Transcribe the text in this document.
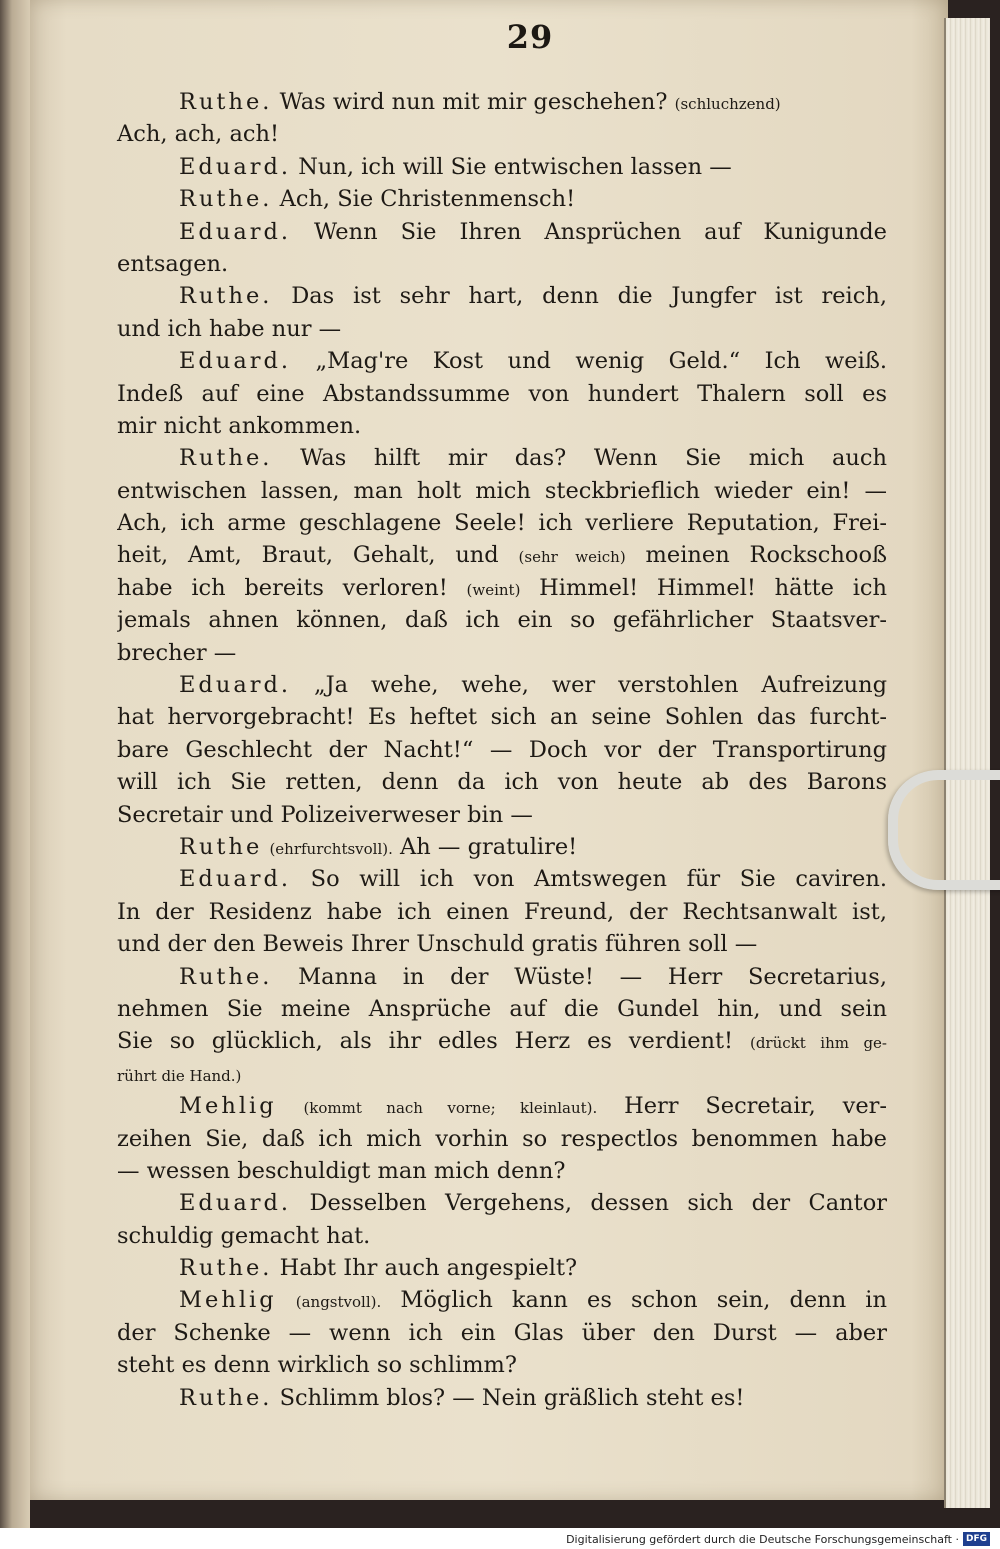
29
Ruthe. Was wird nun mit mir geschehen? (schluchzend)
Ach, ach, ach!
Eduard. Nun, ich will Sie entwischen lassen —
Ruthe. Ach, Sie Christenmensch!
Eduard. Wenn Sie Ihren Ansprüchen auf Kunigunde
entsagen.
Ruthe. Das ist sehr hart, denn die Jungfer ist reich,
und ich habe nur —
Eduard. „Mag're Kost und wenig Geld.“ Ich weiß.
Indeß auf eine Abstandssumme von hundert Thalern soll es
mir nicht ankommen.
Ruthe. Was hilft mir das? Wenn Sie mich auch
entwischen lassen, man holt mich steckbrieflich wieder ein! —
Ach, ich arme geschlagene Seele! ich verliere Reputation, Frei-
heit, Amt, Braut, Gehalt, und (sehr weich) meinen Rockschooß
habe ich bereits verloren! (weint) Himmel! Himmel! hätte ich
jemals ahnen können, daß ich ein so gefährlicher Staatsver-
brecher —
Eduard. „Ja wehe, wehe, wer verstohlen Aufreizung
hat hervorgebracht! Es heftet sich an seine Sohlen das furcht-
bare Geschlecht der Nacht!“ — Doch vor der Transportirung
will ich Sie retten, denn da ich von heute ab des Barons
Secretair und Polizeiverweser bin —
Ruthe (ehrfurchtsvoll). Ah — gratulire!
Eduard. So will ich von Amtswegen für Sie caviren.
In der Residenz habe ich einen Freund, der Rechtsanwalt ist,
und der den Beweis Ihrer Unschuld gratis führen soll —
Ruthe. Manna in der Wüste! — Herr Secretarius,
nehmen Sie meine Ansprüche auf die Gundel hin, und sein
Sie so glücklich, als ihr edles Herz es verdient! (drückt ihm ge-
rührt die Hand.)
Mehlig (kommt nach vorne; kleinlaut). Herr Secretair, ver-
zeihen Sie, daß ich mich vorhin so respectlos benommen habe
— wessen beschuldigt man mich denn?
Eduard. Desselben Vergehens, dessen sich der Cantor
schuldig gemacht hat.
Ruthe. Habt Ihr auch angespielt?
Mehlig (angstvoll). Möglich kann es schon sein, denn in
der Schenke — wenn ich ein Glas über den Durst — aber
steht es denn wirklich so schlimm?
Ruthe. Schlimm blos? — Nein gräßlich steht es!
Digitalisierung gefördert durch die Deutsche Forschungsgemeinschaft · DFG
